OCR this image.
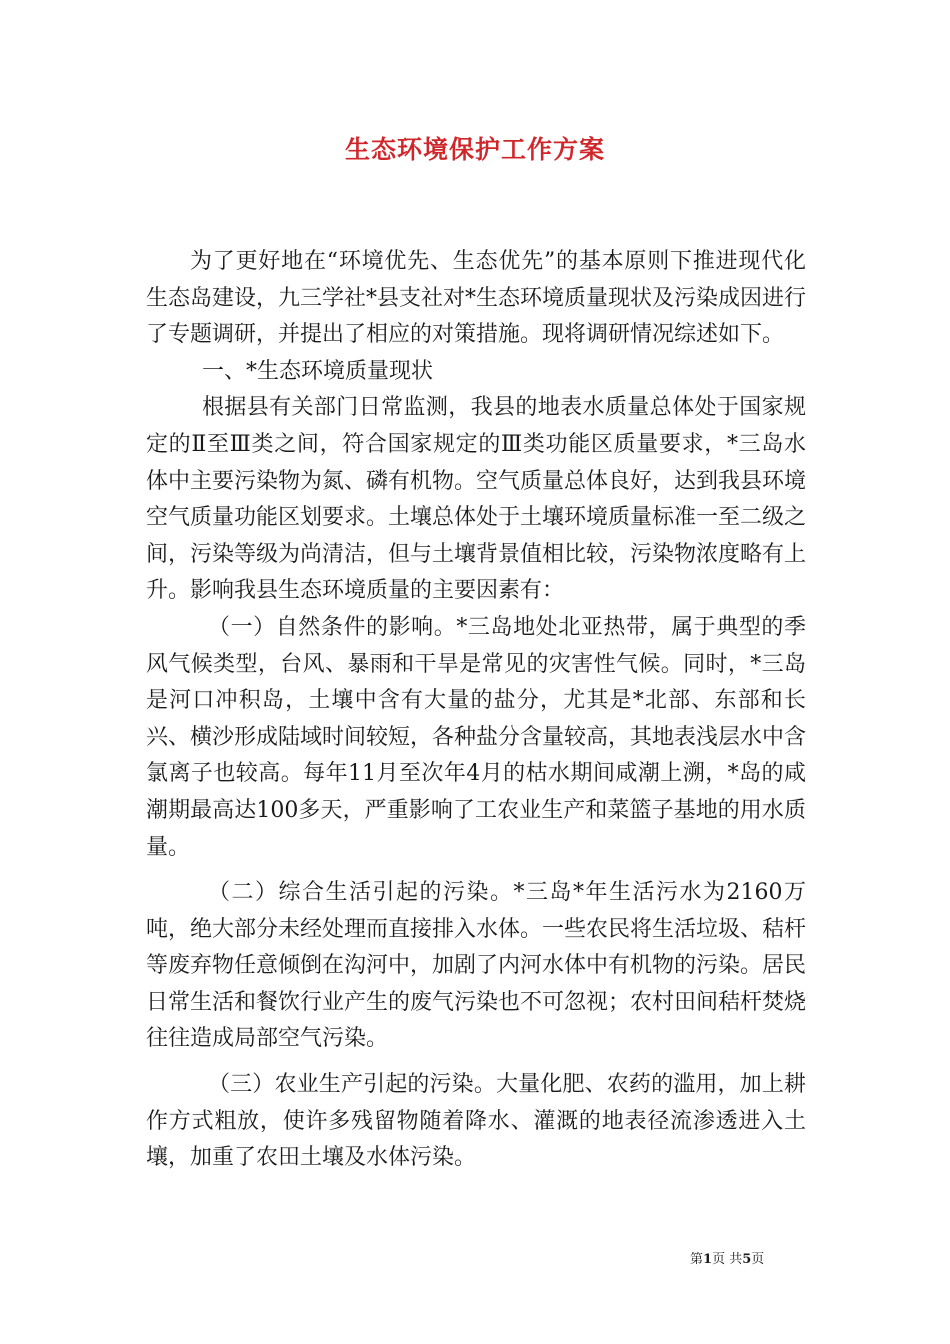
生态环境保护工作方案

为了更好地在“环境优先、生态优先”的基本原则下推进现代化生态岛建设，九三学社*县支社对*生态环境质量现状及污染成因进行了专题调研，并提出了相应的对策措施。现将调研情况综述如下。

一、*生态环境质量现状

根据县有关部门日常监测，我县的地表水质量总体处于国家规定的Ⅱ至Ⅲ类之间，符合国家规定的Ⅲ类功能区质量要求，*三岛水体中主要污染物为氮、磷有机物。空气质量总体良好，达到我县环境空气质量功能区划要求。土壤总体处于土壤环境质量标准一至二级之间，污染等级为尚清洁，但与土壤背景值相比较，污染物浓度略有上升。影响我县生态环境质量的主要因素有：

（一）自然条件的影响。*三岛地处北亚热带，属于典型的季风气候类型，台风、暴雨和干旱是常见的灾害性气候。同时，*三岛是河口冲积岛，土壤中含有大量的盐分，尤其是*北部、东部和长兴、横沙形成陆域时间较短，各种盐分含量较高，其地表浅层水中含氯离子也较高。每年11月至次年4月的枯水期间咸潮上溯，*岛的咸潮期最高达100多天，严重影响了工农业生产和菜篮子基地的用水质量。

（二）综合生活引起的污染。*三岛*年生活污水为2160万吨，绝大部分未经处理而直接排入水体。一些农民将生活垃圾、秸杆等废弃物任意倾倒在沟河中，加剧了内河水体中有机物的污染。居民日常生活和餐饮行业产生的废气污染也不可忽视；农村田间秸杆焚烧往往造成局部空气污染。

（三）农业生产引起的污染。大量化肥、农药的滥用，加上耕作方式粗放，使许多残留物随着降水、灌溉的地表径流渗透进入土壤，加重了农田土壤及水体污染。

第1页 共5页
